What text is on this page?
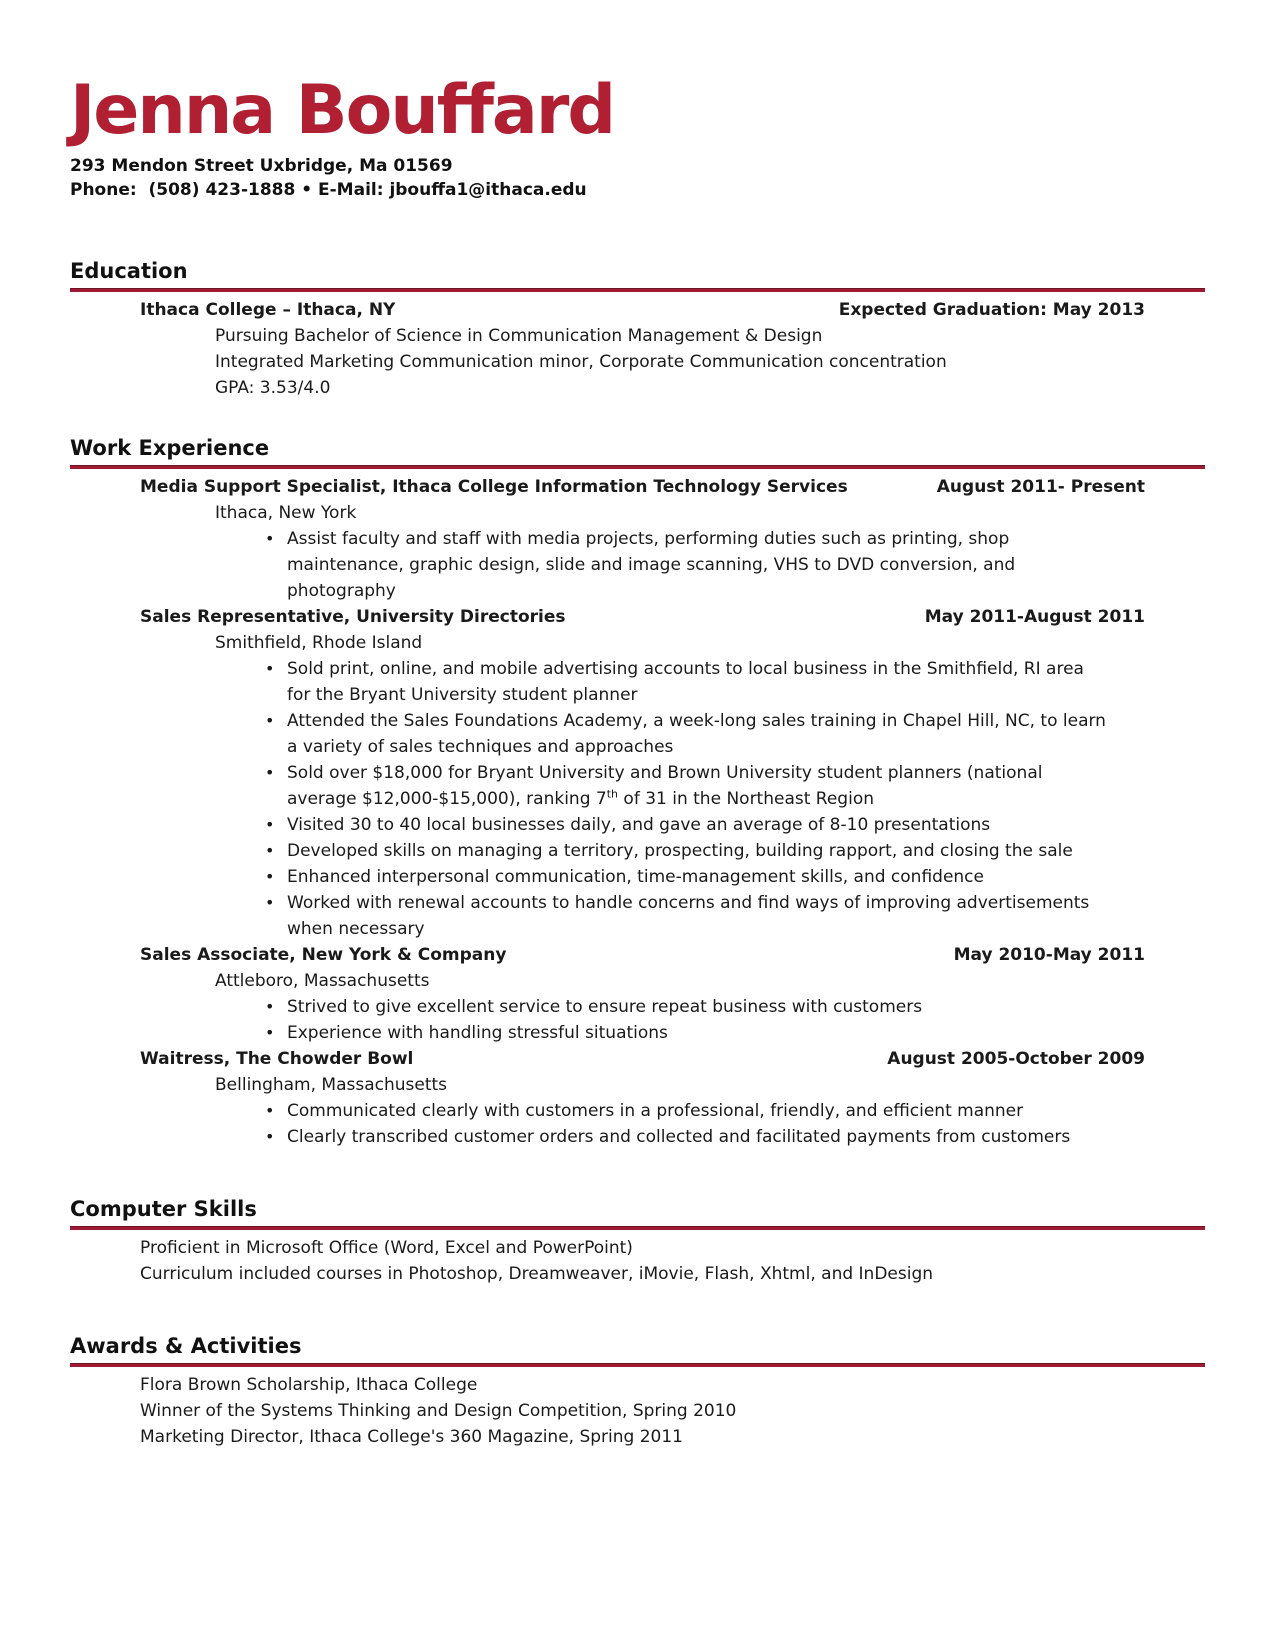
Jenna Bouffard
293 Mendon Street Uxbridge, Ma 01569
Phone:  (508) 423-1888 • E-Mail: jbouffa1@ithaca.edu
Education
Ithaca College – Ithaca, NY	Expected Graduation: May 2013
Pursuing Bachelor of Science in Communication Management & Design
Integrated Marketing Communication minor, Corporate Communication concentration
GPA: 3.53/4.0
Work Experience
Media Support Specialist, Ithaca College Information Technology Services	August 2011- Present
Ithaca, New York
• Assist faculty and staff with media projects, performing duties such as printing, shop maintenance, graphic design, slide and image scanning, VHS to DVD conversion, and photography
Sales Representative, University Directories	May 2011-August 2011
Smithfield, Rhode Island
• Sold print, online, and mobile advertising accounts to local business in the Smithfield, RI area for the Bryant University student planner
• Attended the Sales Foundations Academy, a week-long sales training in Chapel Hill, NC, to learn a variety of sales techniques and approaches
• Sold over $18,000 for Bryant University and Brown University student planners (national average $12,000-$15,000), ranking 7th of 31 in the Northeast Region
• Visited 30 to 40 local businesses daily, and gave an average of 8-10 presentations
• Developed skills on managing a territory, prospecting, building rapport, and closing the sale
• Enhanced interpersonal communication, time-management skills, and confidence
• Worked with renewal accounts to handle concerns and find ways of improving advertisements when necessary
Sales Associate, New York & Company	May 2010-May 2011
Attleboro, Massachusetts
• Strived to give excellent service to ensure repeat business with customers
• Experience with handling stressful situations
Waitress, The Chowder Bowl	August 2005-October 2009
Bellingham, Massachusetts
• Communicated clearly with customers in a professional, friendly, and efficient manner
• Clearly transcribed customer orders and collected and facilitated payments from customers
Computer Skills
Proficient in Microsoft Office (Word, Excel and PowerPoint)
Curriculum included courses in Photoshop, Dreamweaver, iMovie, Flash, Xhtml, and InDesign
Awards & Activities
Flora Brown Scholarship, Ithaca College
Winner of the Systems Thinking and Design Competition, Spring 2010
Marketing Director, Ithaca College's 360 Magazine, Spring 2011
